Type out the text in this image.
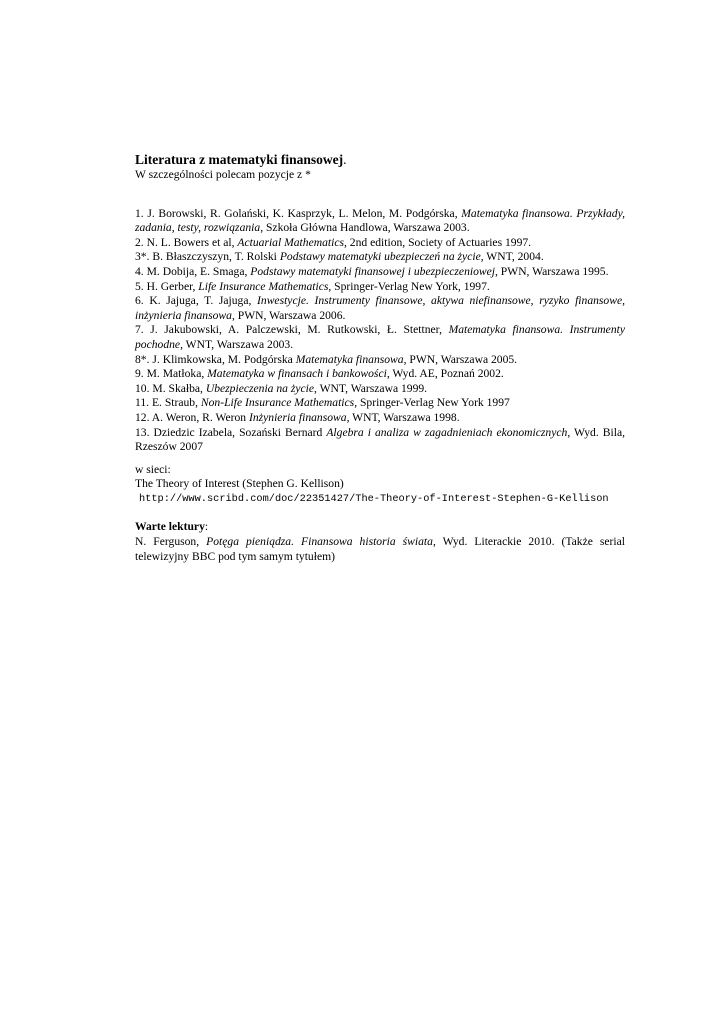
Literatura z matematyki finansowej.
W szczególności polecam pozycje z *

1. J. Borowski, R. Golański, K. Kasprzyk, L. Melon, M. Podgórska, Matematyka finansowa. Przykłady, zadania, testy, rozwiązania, Szkoła Główna Handlowa, Warszawa 2003.

2. N. L. Bowers et al, Actuarial Mathematics, 2nd edition, Society of Actuaries 1997.

3*. B. Błaszczyszyn, T. Rolski Podstawy matematyki ubezpieczeń na życie, WNT, 2004.

4. M. Dobija, E. Smaga, Podstawy matematyki finansowej i ubezpieczeniowej, PWN, Warszawa 1995.

5. H. Gerber, Life Insurance Mathematics, Springer-Verlag New York, 1997.

6. K. Jajuga, T. Jajuga, Inwestycje. Instrumenty finansowe, aktywa niefinansowe, ryzyko finansowe, inżynieria finansowa, PWN, Warszawa 2006.

7. J. Jakubowski, A. Palczewski, M. Rutkowski, Ł. Stettner, Matematyka finansowa. Instrumenty pochodne, WNT, Warszawa 2003.

8*. J. Klimkowska, M. Podgórska Matematyka finansowa, PWN, Warszawa 2005.

9. M. Matłoka, Matematyka w finansach i bankowości, Wyd. AE, Poznań 2002.

10. M. Skałba, Ubezpieczenia na życie, WNT, Warszawa 1999.

11. E. Straub, Non-Life Insurance Mathematics, Springer-Verlag New York 1997

12. A. Weron, R. Weron Inżynieria finansowa, WNT, Warszawa 1998.

13. Dziedzic Izabela, Sozański Bernard Algebra i analiza w zagadnieniach ekonomicznych, Wyd. Bila, Rzeszów 2007

w sieci:
The Theory of Interest (Stephen G. Kellison)
http://www.scribd.com/doc/22351427/The-Theory-of-Interest-Stephen-G-Kellison
Warte lektury:

N. Ferguson, Potęga pieniądza. Finansowa historia świata, Wyd. Literackie 2010. (Także serial telewizyjny BBC pod tym samym tytułem)
